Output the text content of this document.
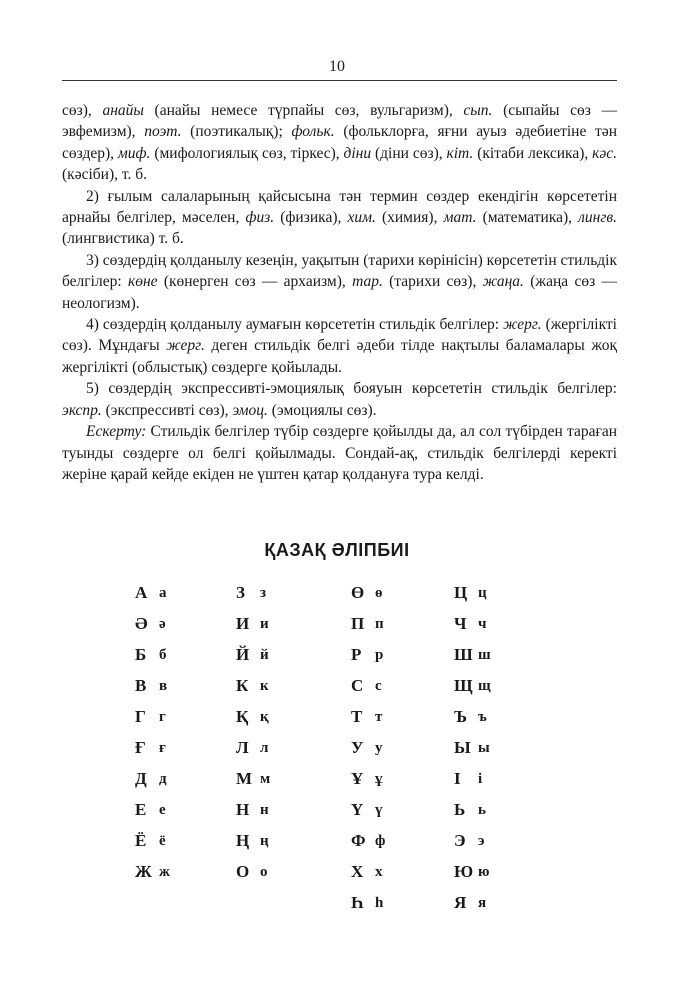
10

сөз), анайы (анайы немесе түрпайы сөз, вульгаризм), сып. (сыпайы сөз — эвфемизм), поэт. (поэтикалық); фольк. (фольклорға, яғни ауыз әдебиетіне тән сөздер), миф. (мифологиялық сөз, тіркес), діни (діни сөз), кіт. (кітаби лексика), кәс. (кәсіби), т. б.

2) ғылым салаларының қайсысына тән термин сөздер екендігін көрсететін арнайы белгілер, мәселен, физ. (физика), хим. (химия), мат. (математика), лингв. (лингвистика) т. б.

3) сөздердің қолданылу кезеңін, уақытын (тарихи көрінісін) көрсететін стильдік белгілер: көне (көнерген сөз — архаизм), тар. (тарихи сөз), жаңа. (жаңа сөз — неологизм).

4) сөздердің қолданылу аумағын көрсететін стильдік белгілер: жерг. (жергілікті сөз). Мұндағы жерг. деген стильдік белгі әдеби тілде нақтылы баламалары жоқ жергілікті (облыстық) сөздерге қойылады.

5) сөздердің экспрессивті-эмоциялық бояуын көрсететін стильдік белгілер: экспр. (экспрессивті сөз), эмоц. (эмоциялы сөз).

Ескерту: Стильдік белгілер түбір сөздерге қойылды да, ал сол түбірден тараған туынды сөздерге ол белгі қойылмады. Сондай-ақ, стильдік белгілерді керекті жеріне қарай кейде екіден не үштен қатар қолдануға тура келді.

ҚАЗАҚ ӘЛІПБИІ
А а
Ә ә
Б б
В в
Г г
Ғ ғ
Д д
Е е
Ё ё
Ж ж
З	з
И и
Й й
К к
Қ қ
Л л
М м
Н н
Ң ң
О о
Ө ө
П п
Р р
С с
Т т
У у
Ұ ұ
Ү ү
Ф ф
Х х
Һ һ
Ц ц
Ч ч
Ш ш
Щ щ
Ъ ъ
Ы ы
І	і
Ь ь
Э э
Ю ю
Я я
